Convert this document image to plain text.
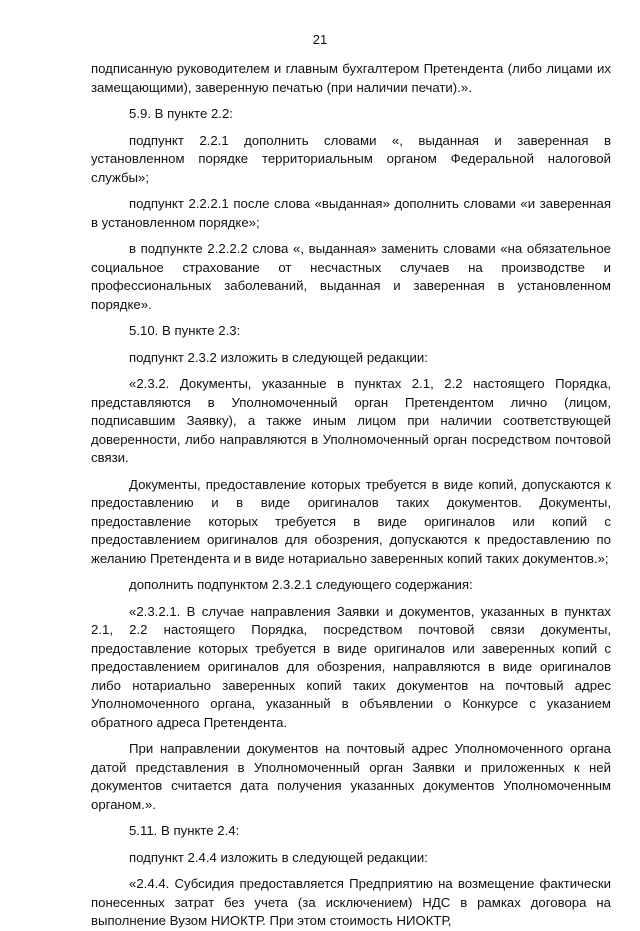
21

подписанную руководителем и главным бухгалтером Претендента (либо лицами их замещающими), заверенную печатью (при наличии печати).».

5.9. В пункте 2.2:

подпункт 2.2.1 дополнить словами «, выданная и заверенная в установленном порядке территориальным органом Федеральной налоговой службы»;

подпункт 2.2.2.1 после слова «выданная» дополнить словами «и заверенная в установленном порядке»;

в подпункте 2.2.2.2 слова «, выданная» заменить словами «на обязательное социальное страхование от несчастных случаев на производстве и профессиональных заболеваний, выданная и заверенная в установленном порядке».

5.10. В пункте 2.3:

подпункт 2.3.2 изложить в следующей редакции:

«2.3.2. Документы, указанные в пунктах 2.1, 2.2 настоящего Порядка, представляются в Уполномоченный орган Претендентом лично (лицом, подписавшим Заявку), а также иным лицом при наличии соответствующей доверенности, либо направляются в Уполномоченный орган посредством почтовой связи.

Документы, предоставление которых требуется в виде копий, допускаются к предоставлению и в виде оригиналов таких документов. Документы, предоставление которых требуется в виде оригиналов или копий с предоставлением оригиналов для обозрения, допускаются к предоставлению по желанию Претендента и в виде нотариально заверенных копий таких документов.»;

дополнить подпунктом 2.3.2.1 следующего содержания:

«2.3.2.1. В случае направления Заявки и документов, указанных в пунктах 2.1, 2.2 настоящего Порядка, посредством почтовой связи документы, предоставление которых требуется в виде оригиналов или заверенных копий с предоставлением оригиналов для обозрения, направляются в виде оригиналов либо нотариально заверенных копий таких документов на почтовый адрес Уполномоченного органа, указанный в объявлении о Конкурсе с указанием обратного адреса Претендента.

При направлении документов на почтовый адрес Уполномоченного органа датой представления в Уполномоченный орган Заявки и приложенных к ней документов считается дата получения указанных документов Уполномоченным органом.».

5.11. В пункте 2.4:

подпункт 2.4.4 изложить в следующей редакции:

«2.4.4. Субсидия предоставляется Предприятию на возмещение фактически понесенных затрат без учета (за исключением) НДС в рамках договора на выполнение Вузом НИОКТР. При этом стоимость НИОКТР,
